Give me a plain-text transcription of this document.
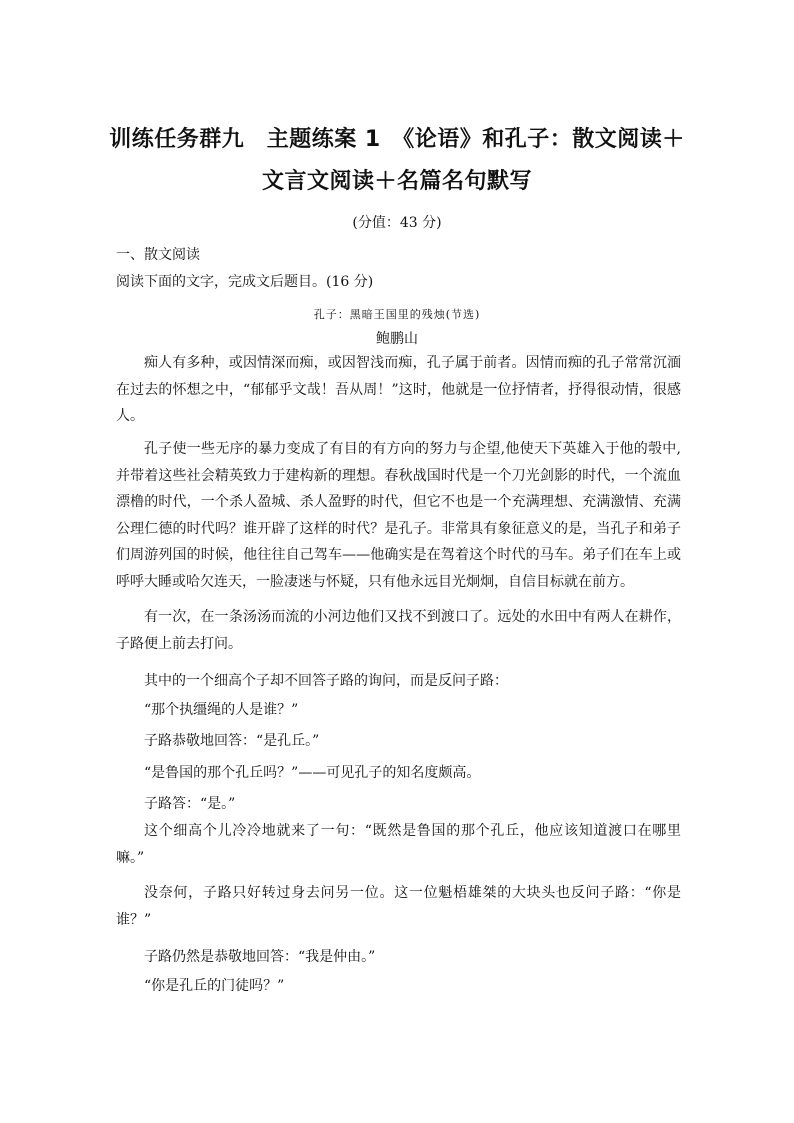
训练任务群九　主题练案 1　《论语》和孔子：散文阅读＋
文言文阅读＋名篇名句默写
(分值：43 分)
一、散文阅读
阅读下面的文字，完成文后题目。(16 分)
孔子：黑暗王国里的残烛(节选)
鲍鹏山

痴人有多种，或因情深而痴，或因智浅而痴，孔子属于前者。因情而痴的孔子常常沉湎在过去的怀想之中，“郁郁乎文哉！吾从周！”这时，他就是一位抒情者，抒得很动情，很感人。

孔子使一些无序的暴力变成了有目的有方向的努力与企望,他使天下英雄入于他的彀中,并带着这些社会精英致力于建构新的理想。春秋战国时代是一个刀光剑影的时代，一个流血漂橹的时代，一个杀人盈城、杀人盈野的时代，但它不也是一个充满理想、充满激情、充满公理仁德的时代吗？谁开辟了这样的时代？是孔子。非常具有象征意义的是，当孔子和弟子们周游列国的时候，他往往自己驾车——他确实是在驾着这个时代的马车。弟子们在车上或呼呼大睡或哈欠连天，一脸凄迷与怀疑，只有他永远目光炯炯，自信目标就在前方。

有一次，在一条汤汤而流的小河边他们又找不到渡口了。远处的水田中有两人在耕作，子路便上前去打问。

其中的一个细高个子却不回答子路的询问，而是反问子路：
“那个执缰绳的人是谁？”
子路恭敬地回答：“是孔丘。”
“是鲁国的那个孔丘吗？”——可见孔子的知名度颇高。
子路答：“是。”

这个细高个儿冷冷地就来了一句：“既然是鲁国的那个孔丘，他应该知道渡口在哪里嘛。”

没奈何，子路只好转过身去问另一位。这一位魁梧雄桀的大块头也反问子路：“你是谁？”

子路仍然是恭敬地回答：“我是仲由。”
“你是孔丘的门徒吗？”
